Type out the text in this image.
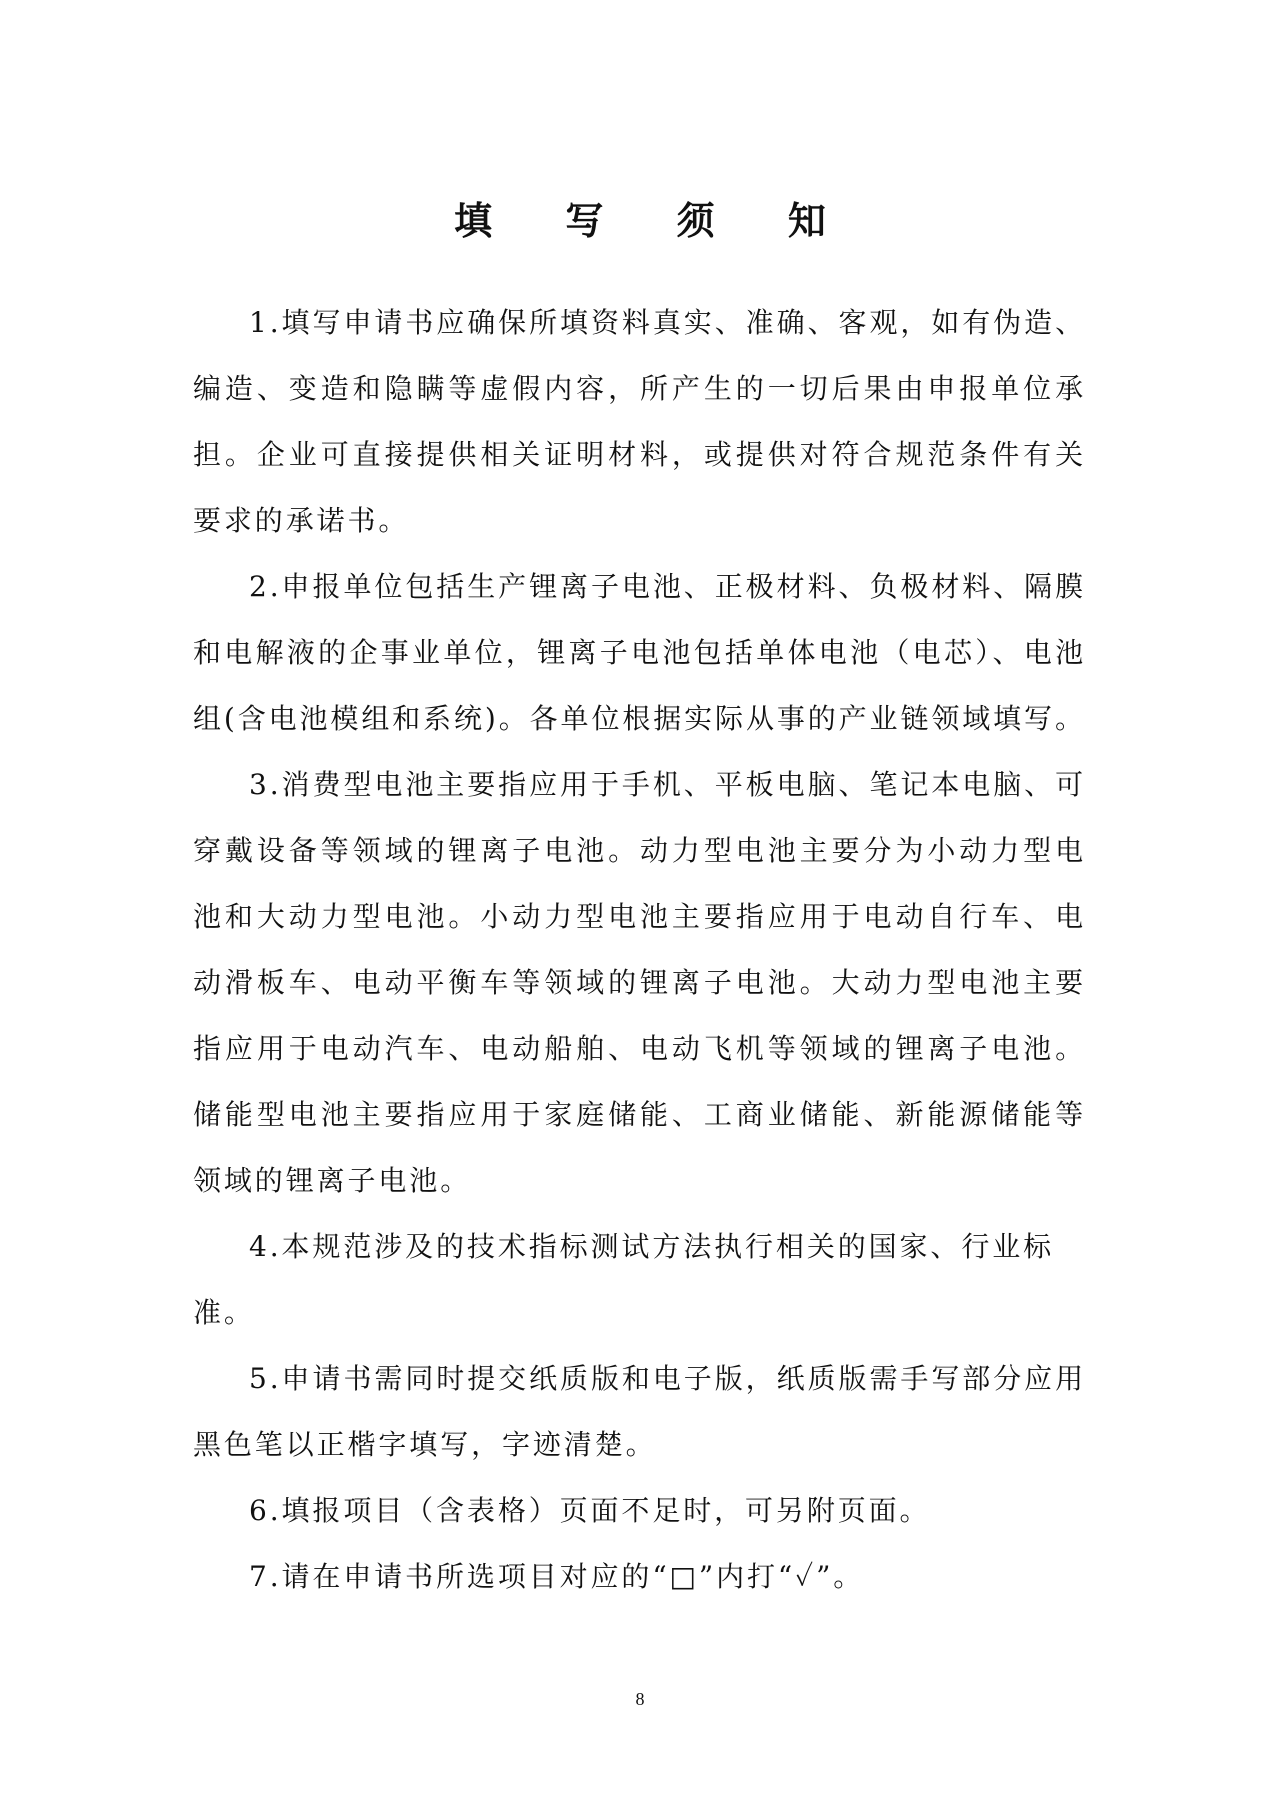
填 写 须 知

1.填写申请书应确保所填资料真实、准确、客观，如有伪造、编造、变造和隐瞒等虚假内容，所产生的一切后果由申报单位承担。企业可直接提供相关证明材料，或提供对符合规范条件有关要求的承诺书。

2.申报单位包括生产锂离子电池、正极材料、负极材料、隔膜和电解液的企事业单位，锂离子电池包括单体电池（电芯）、电池组(含电池模组和系统)。各单位根据实际从事的产业链领域填写。

3.消费型电池主要指应用于手机、平板电脑、笔记本电脑、可穿戴设备等领域的锂离子电池。动力型电池主要分为小动力型电池和大动力型电池。小动力型电池主要指应用于电动自行车、电动滑板车、电动平衡车等领域的锂离子电池。大动力型电池主要指应用于电动汽车、电动船舶、电动飞机等领域的锂离子电池。储能型电池主要指应用于家庭储能、工商业储能、新能源储能等领域的锂离子电池。

4.本规范涉及的技术指标测试方法执行相关的国家、行业标准。

5.申请书需同时提交纸质版和电子版，纸质版需手写部分应用黑色笔以正楷字填写，字迹清楚。

6.填报项目（含表格）页面不足时，可另附页面。

7.请在申请书所选项目对应的“□”内打“✓”。

8
